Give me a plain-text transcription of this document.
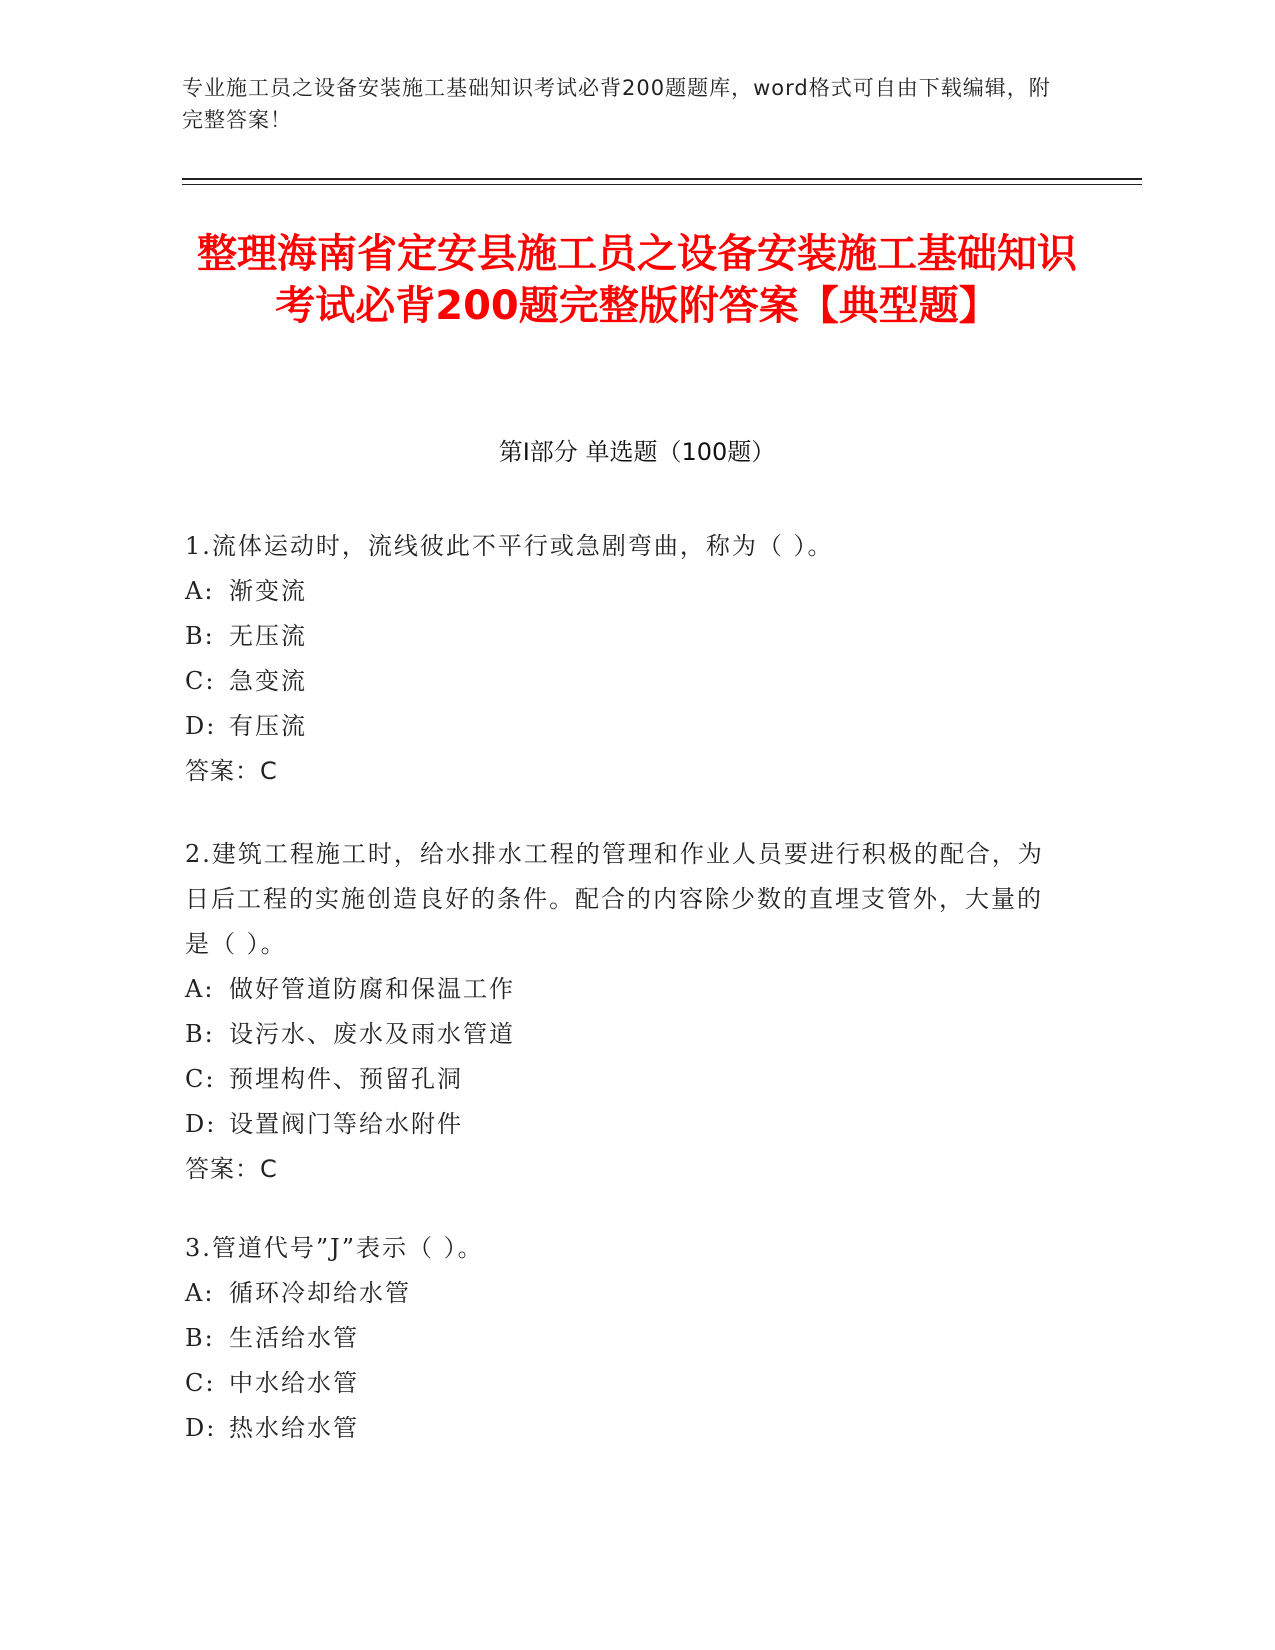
专业施工员之设备安装施工基础知识考试必背200题题库，word格式可自由下载编辑，附完整答案！
整理海南省定安县施工员之设备安装施工基础知识考试必背200题完整版附答案【典型题】
第Ⅰ部分 单选题（100题）
1.流体运动时，流线彼此不平行或急剧弯曲，称为（ ）。
A: 渐变流
B: 无压流
C: 急变流
D: 有压流
答案：C
2.建筑工程施工时，给水排水工程的管理和作业人员要进行积极的配合，为日后工程的实施创造良好的条件。配合的内容除少数的直埋支管外，大量的是（ ）。
A: 做好管道防腐和保温工作
B: 设污水、废水及雨水管道
C: 预埋构件、预留孔洞
D: 设置阀门等给水附件
答案：C
3.管道代号”J”表示（ ）。
A: 循环冷却给水管
B: 生活给水管
C: 中水给水管
D: 热水给水管
